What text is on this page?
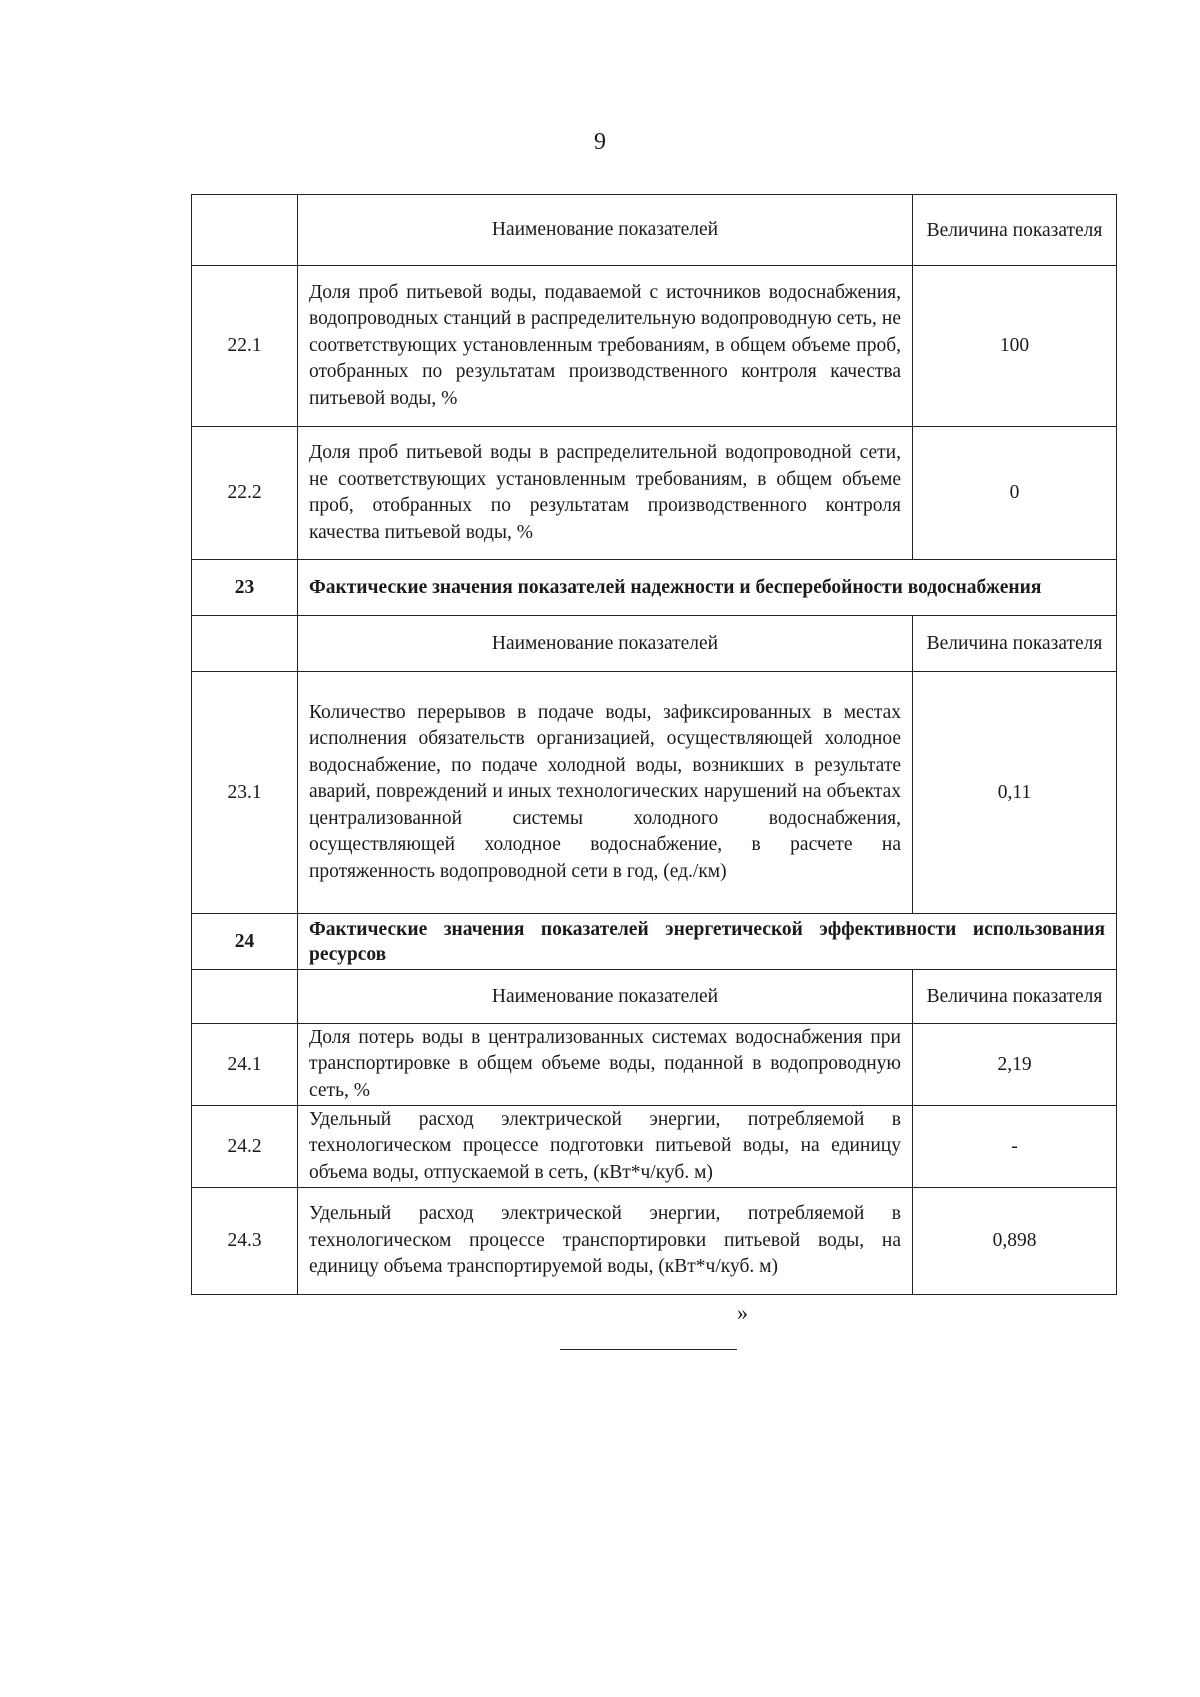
9
	Наименование показателей	Величина показателя
22.1	Доля проб питьевой воды, подаваемой с источников водоснабжения, водопроводных станций в распределительную водопроводную сеть, не соответствующих установленным требованиям, в общем объеме проб, отобранных по результатам производственного контроля качества питьевой воды, %	100
22.2	Доля проб питьевой воды в распределительной водопроводной сети, не соответствующих установленным требованиям, в общем объеме проб, отобранных по результатам производственного контроля качества питьевой воды, %	0
23	Фактические значения показателей надежности и бесперебойности водоснабжения	
	Наименование показателей	Величина показателя
23.1	Количество перерывов в подаче воды, зафиксированных в местах исполнения обязательств организацией, осуществляющей холодное водоснабжение, по подаче холодной воды, возникших в результате аварий, повреждений и иных технологических нарушений на объектах централизованной системы холодного водоснабжения, осуществляющей холодное водоснабжение, в расчете на протяженность водопроводной сети в год, (ед./км)	0,11
24	Фактические значения показателей энергетической эффективности использования ресурсов	
	Наименование показателей	Величина показателя
24.1	Доля потерь воды в централизованных системах водоснабжения при транспортировке в общем объеме воды, поданной в водопроводную сеть, %	2,19
24.2	Удельный расход электрической энергии, потребляемой в технологическом процессе подготовки питьевой воды, на единицу объема воды, отпускаемой в сеть, (кВт*ч/куб. м)	-
24.3	Удельный расход электрической энергии, потребляемой в технологическом процессе транспортировки питьевой воды, на единицу объема транспортируемой воды, (кВт*ч/куб. м)	0,898
»
